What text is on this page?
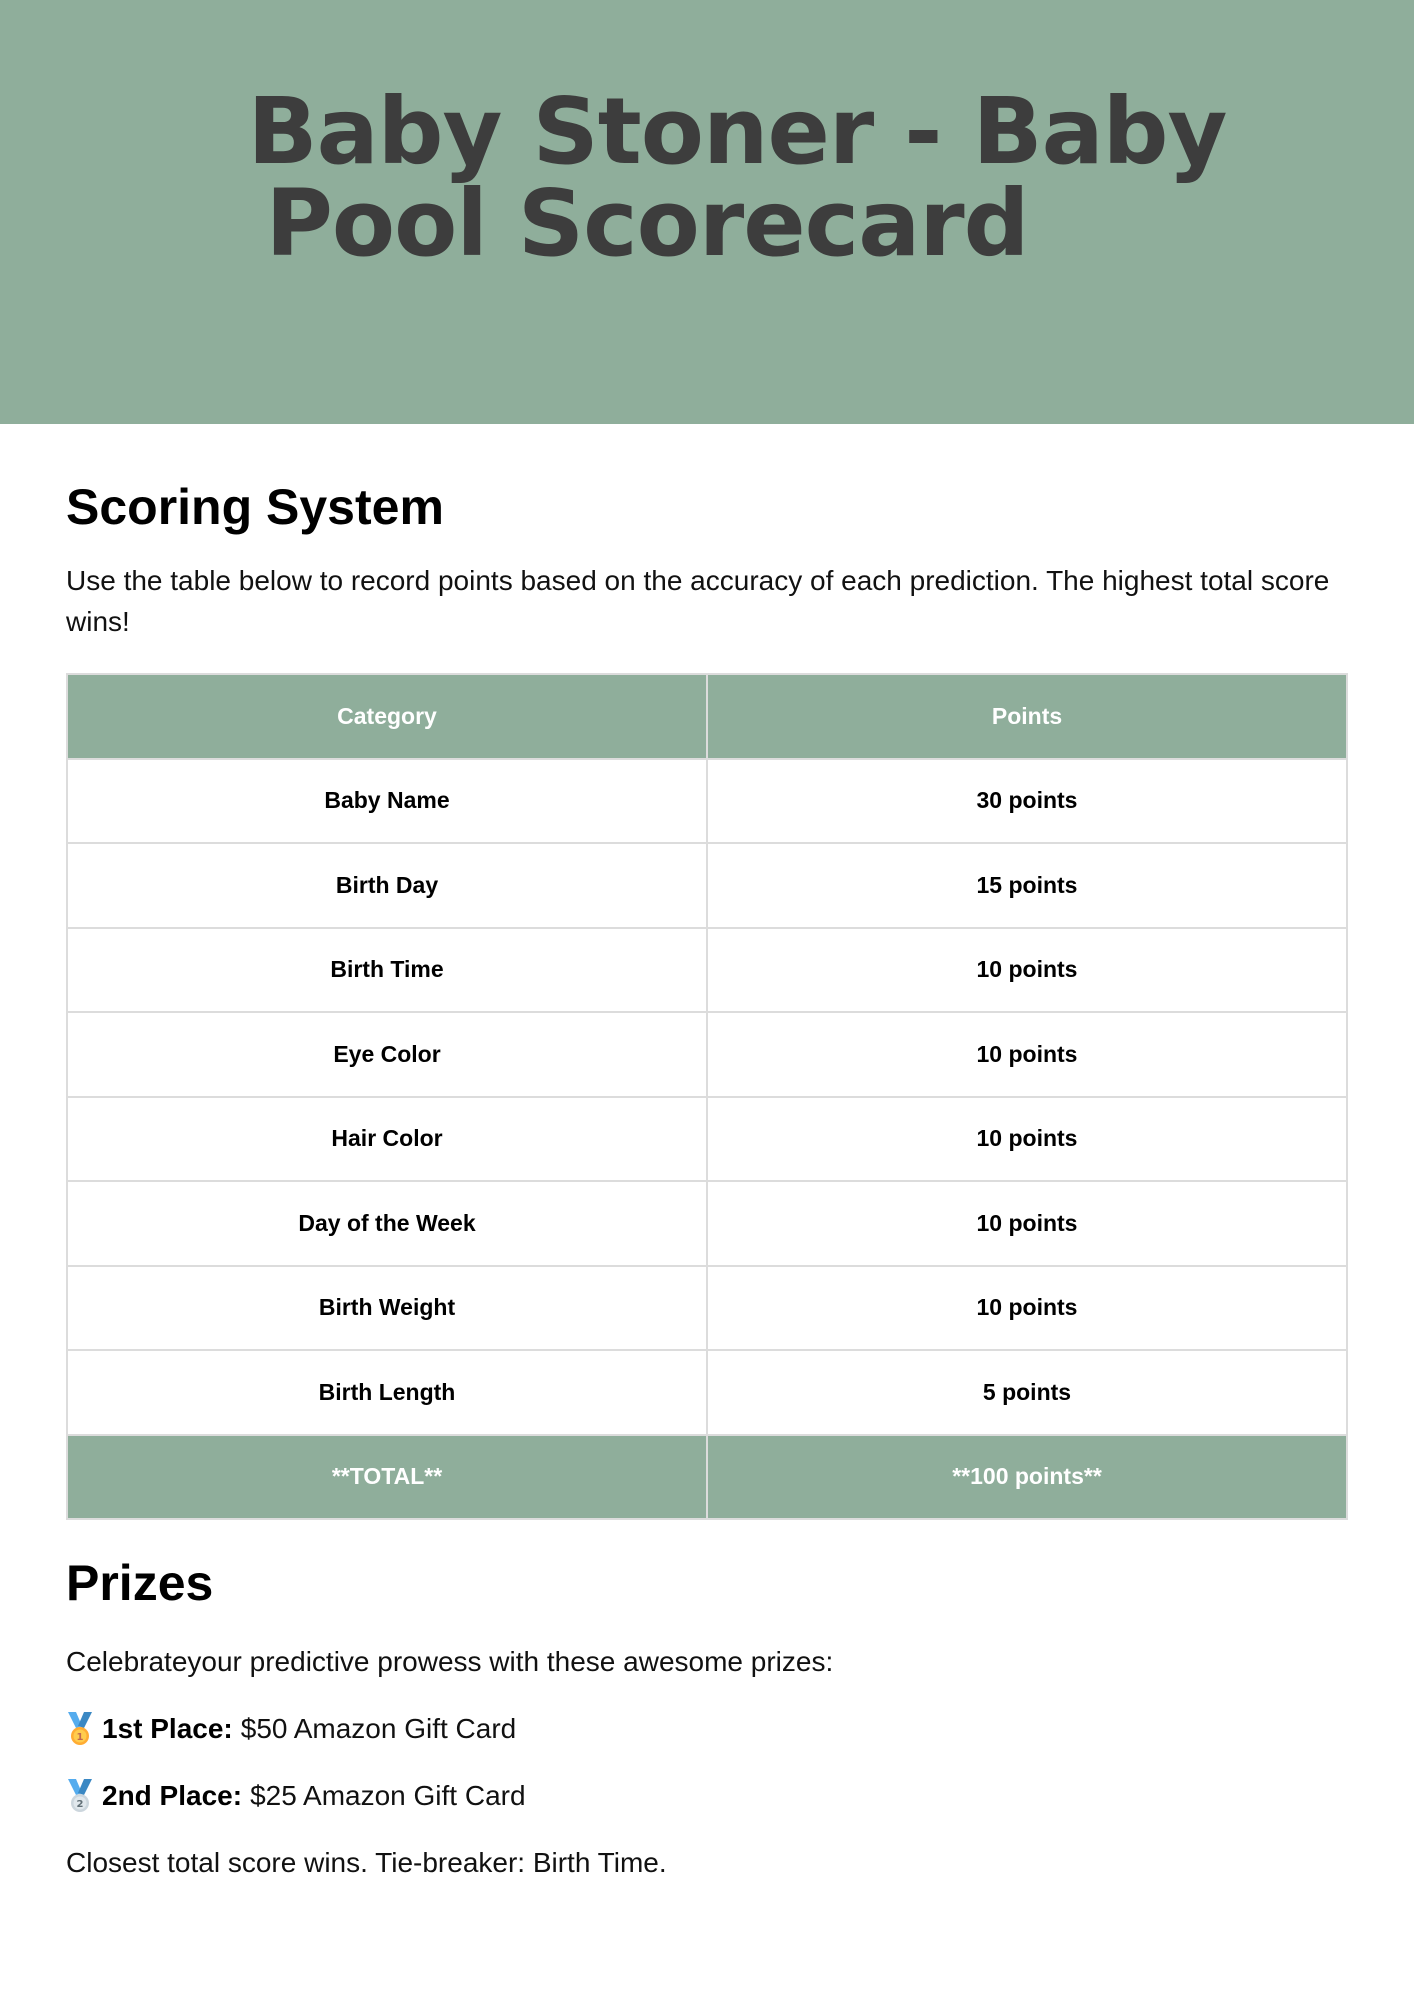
Baby Stoner - Baby
Pool Scorecard
Scoring System

Use the table below to record points based on the accuracy of each prediction. The highest total score wins!

Category	Points
Baby Name	30 points
Birth Day	15 points
Birth Time	10 points
Eye Color	10 points
Hair Color	10 points
Day of the Week	10 points
Birth Weight	10 points
Birth Length	5 points
**TOTAL**	**100 points**
Prizes

Celebrateyour predictive prowess with these awesome prizes:

1 1st Place: $50 Amazon Gift Card
2 2nd Place: $25 Amazon Gift Card

Closest total score wins. Tie-breaker: Birth Time.
